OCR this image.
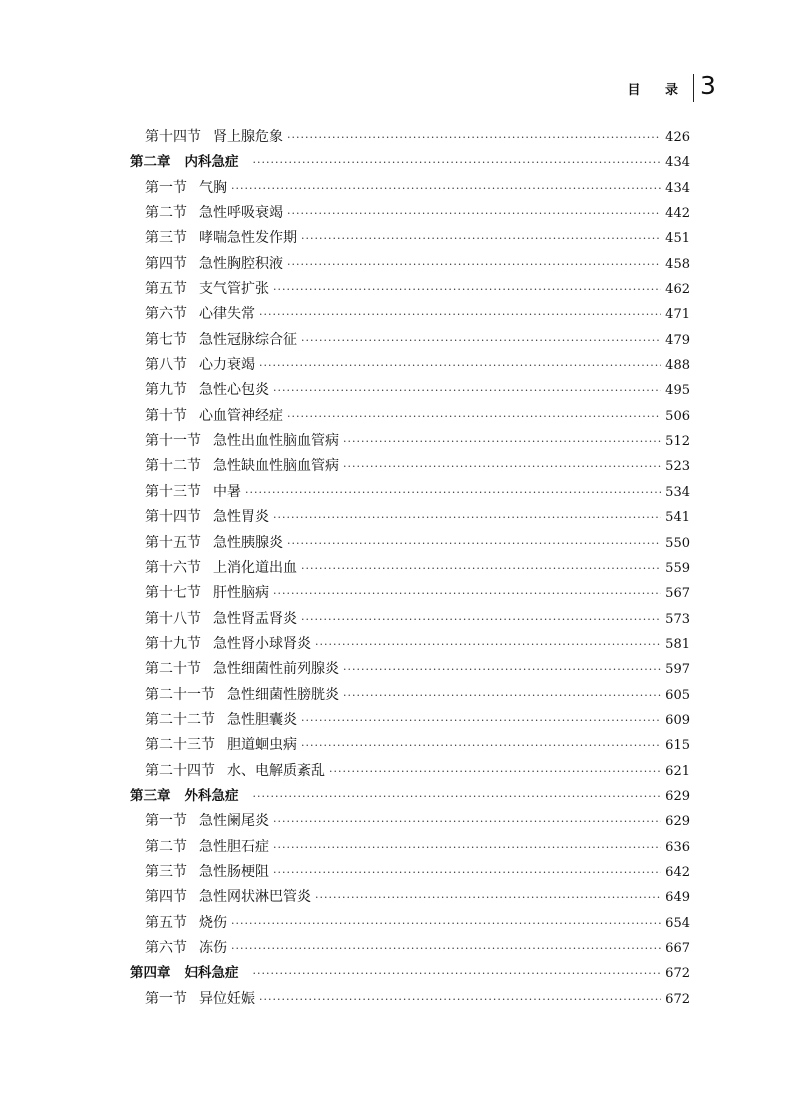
目 录 3
第十四节 肾上腺危象 ·····	426
第二章 内科急症 ·····	434
第一节 气胸 ·····	434
第二节 急性呼吸衰竭 ·····	442
第三节 哮喘急性发作期 ·····	451
第四节 急性胸腔积液 ·····	458
第五节 支气管扩张 ·····	462
第六节 心律失常 ·····	471
第七节 急性冠脉综合征 ·····	479
第八节 心力衰竭 ·····	488
第九节 急性心包炎 ·····	495
第十节 心血管神经症 ·····	506
第十一节 急性出血性脑血管病 ·····	512
第十二节 急性缺血性脑血管病 ·····	523
第十三节 中暑 ·····	534
第十四节 急性胃炎 ·····	541
第十五节 急性胰腺炎 ·····	550
第十六节 上消化道出血 ·····	559
第十七节 肝性脑病 ·····	567
第十八节 急性肾盂肾炎 ·····	573
第十九节 急性肾小球肾炎 ·····	581
第二十节 急性细菌性前列腺炎 ·····	597
第二十一节 急性细菌性膀胱炎 ·····	605
第二十二节 急性胆囊炎 ·····	609
第二十三节 胆道蛔虫病 ·····	615
第二十四节 水、电解质紊乱 ·····	621
第三章 外科急症 ·····	629
第一节 急性阑尾炎 ·····	629
第二节 急性胆石症 ·····	636
第三节 急性肠梗阻 ·····	642
第四节 急性网状淋巴管炎 ·····	649
第五节 烧伤 ·····	654
第六节 冻伤 ·····	667
第四章 妇科急症 ·····	672
第一节 异位妊娠 ·····	672
